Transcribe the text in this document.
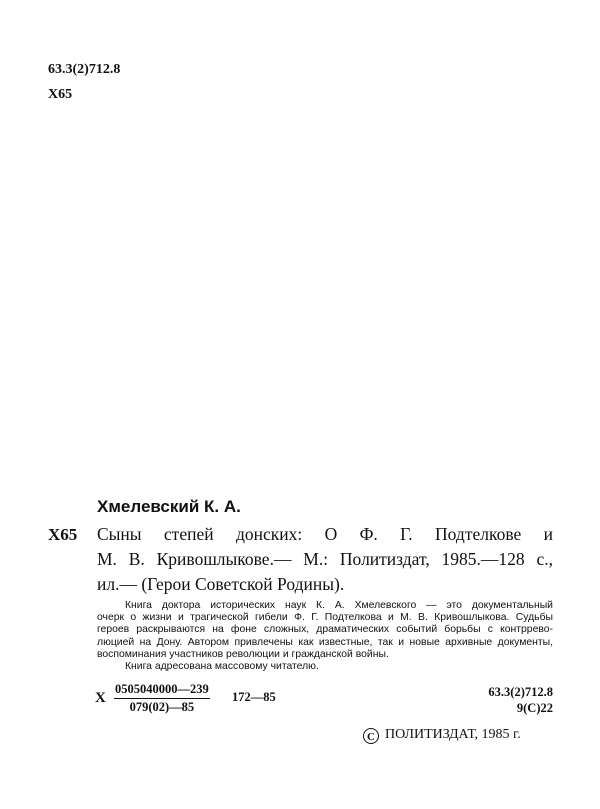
63.3(2)712.8
Х65
Хмелевский К. А.
Х65 Сыны степей донских: О Ф. Г. Подтелкове и
М. В. Кривошлыкове.— М.: Политиздат, 1985.—128 с.,
ил.— (Герои Советской Родины).
Книга доктора исторических наук К. А. Хмелевского — это документальный
очерк о жизни и трагической гибели Ф. Г. Подтелкова и М. В. Кривошлыкова. Судьбы
героев раскрываются на фоне сложных, драматических событий борьбы с контррево-
люцией на Дону. Автором привлечены как известные, так и новые архивные документы,
воспоминания участников революции и гражданской войны.
Книга адресована массовому читателю.
Х $\frac{0505040000—239}{079(02)—85}$ 172—85	63.3(2)712.8
9(С)22
C ПОЛИТИЗДАТ, 1985 г.
